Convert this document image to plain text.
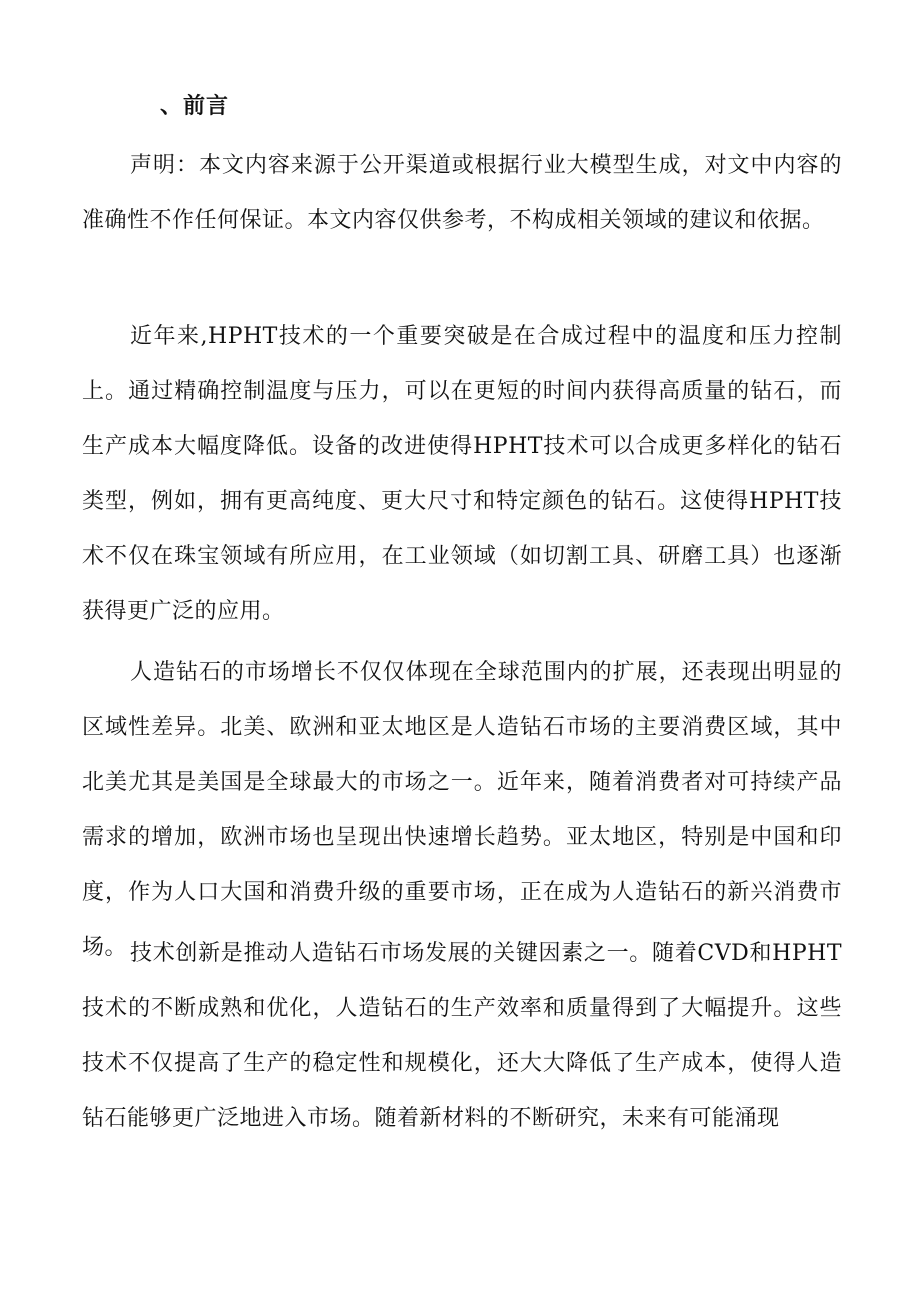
、前言

声明：本文内容来源于公开渠道或根据行业大模型生成，对文中内容的准确性不作任何保证。本文内容仅供参考，不构成相关领域的建议和依据。

近年来,HPHT技术的一个重要突破是在合成过程中的温度和压力控制上。通过精确控制温度与压力，可以在更短的时间内获得高质量的钻石，而生产成本大幅度降低。设备的改进使得HPHT技术可以合成更多样化的钻石类型，例如，拥有更高纯度、更大尺寸和特定颜色的钻石。这使得HPHT技术不仅在珠宝领域有所应用，在工业领域（如切割工具、研磨工具）也逐渐获得更广泛的应用。

人造钻石的市场增长不仅仅体现在全球范围内的扩展，还表现出明显的区域性差异。北美、欧洲和亚太地区是人造钻石市场的主要消费区域，其中北美尤其是美国是全球最大的市场之一。近年来，随着消费者对可持续产品需求的增加，欧洲市场也呈现出快速增长趋势。亚太地区，特别是中国和印度，作为人口大国和消费升级的重要市场，正在成为人造钻石的新兴消费市场。 技术创新是推动人造钻石市场发展的关键因素之一。随着CVD和HPHT技术的不断成熟和优化，人造钻石的生产效率和质量得到了大幅提升。这些技术不仅提高了生产的稳定性和规模化，还大大降低了生产成本，使得人造钻石能够更广泛地进入市场。随着新材料的不断研究，未来有可能涌现
